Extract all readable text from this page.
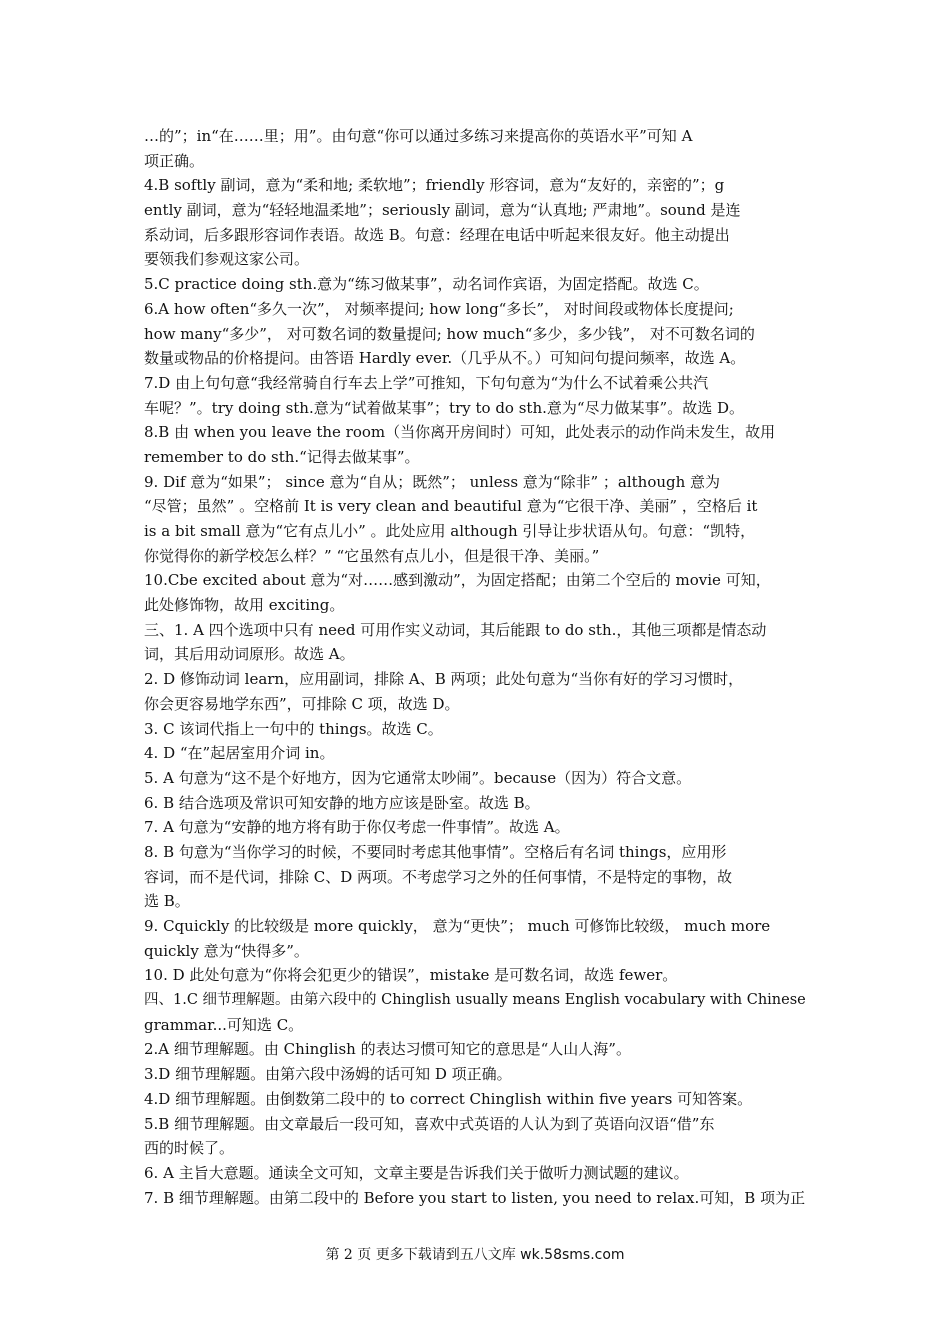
…的”；in“在……里；用”。由句意“你可以通过多练习来提高你的英语水平”可知 A
项正确。
4.B softly 副词，意为“柔和地; 柔软地”；friendly 形容词，意为“友好的，亲密的”；g
ently 副词，意为“轻轻地温柔地”；seriously 副词，意为“认真地; 严肃地”。sound 是连
系动词，后多跟形容词作表语。故选 B。句意：经理在电话中听起来很友好。他主动提出
要领我们参观这家公司。
5.C practice doing sth.意为“练习做某事”，动名词作宾语，为固定搭配。故选 C。
6.A how often“多久一次”， 对频率提问; how long“多长”， 对时间段或物体长度提问;
how many“多少”， 对可数名词的数量提问; how much“多少，多少钱”， 对不可数名词的
数量或物品的价格提问。由答语 Hardly ever.（几乎从不。）可知问句提问频率，故选 A。
7.D 由上句句意“我经常骑自行车去上学”可推知，下句句意为“为什么不试着乘公共汽
车呢？”。try doing sth.意为“试着做某事”；try to do sth.意为“尽力做某事”。故选 D。
8.B 由 when you leave the room（当你离开房间时）可知，此处表示的动作尚未发生，故用
remember to do sth.“记得去做某事”。
9. Dif 意为“如果”； since 意为“自从；既然”； unless 意为“除非” ；although 意为
“尽管；虽然” 。空格前 It is very clean and beautiful 意为“它很干净、美丽” ，空格后 it
is a bit small 意为“它有点儿小” 。此处应用 although 引导让步状语从句。句意：“凯特，
你觉得你的新学校怎么样？” “它虽然有点儿小，但是很干净、美丽。”
10.Cbe excited about 意为“对……感到激动”，为固定搭配；由第二个空后的 movie 可知，
此处修饰物，故用 exciting。
三、1. A 四个选项中只有 need 可用作实义动词，其后能跟 to do sth.，其他三项都是情态动
词，其后用动词原形。故选 A。
2. D 修饰动词 learn，应用副词，排除 A、B 两项；此处句意为“当你有好的学习习惯时，
你会更容易地学东西”，可排除 C 项，故选 D。
3. C 该词代指上一句中的 things。故选 C。
4. D “在”起居室用介词 in。
5. A 句意为“这不是个好地方，因为它通常太吵闹”。because（因为）符合文意。
6. B 结合选项及常识可知安静的地方应该是卧室。故选 B。
7. A 句意为“安静的地方将有助于你仅考虑一件事情”。故选 A。
8. B 句意为“当你学习的时候，不要同时考虑其他事情”。空格后有名词 things，应用形
容词，而不是代词，排除 C、D 两项。不考虑学习之外的任何事情，不是特定的事物，故
选 B。
9. Cquickly 的比较级是 more quickly， 意为“更快”； much 可修饰比较级， much more
quickly 意为“快得多”。
10. D 此处句意为“你将会犯更少的错误”，mistake 是可数名词，故选 fewer。
四、1.C 细节理解题。由第六段中的 Chinglish usually means English vocabulary with Chinese
grammar...可知选 C。
2.A 细节理解题。由 Chinglish 的表达习惯可知它的意思是“人山人海”。
3.D 细节理解题。由第六段中汤姆的话可知 D 项正确。
4.D 细节理解题。由倒数第二段中的 to correct Chinglish within five years 可知答案。
5.B 细节理解题。由文章最后一段可知，喜欢中式英语的人认为到了英语向汉语“借”东
西的时候了。
6. A 主旨大意题。通读全文可知，文章主要是告诉我们关于做听力测试题的建议。
7. B 细节理解题。由第二段中的 Before you start to listen, you need to relax.可知，B 项为正
第 2 页 更多下载请到五八文库 wk.58sms.com
